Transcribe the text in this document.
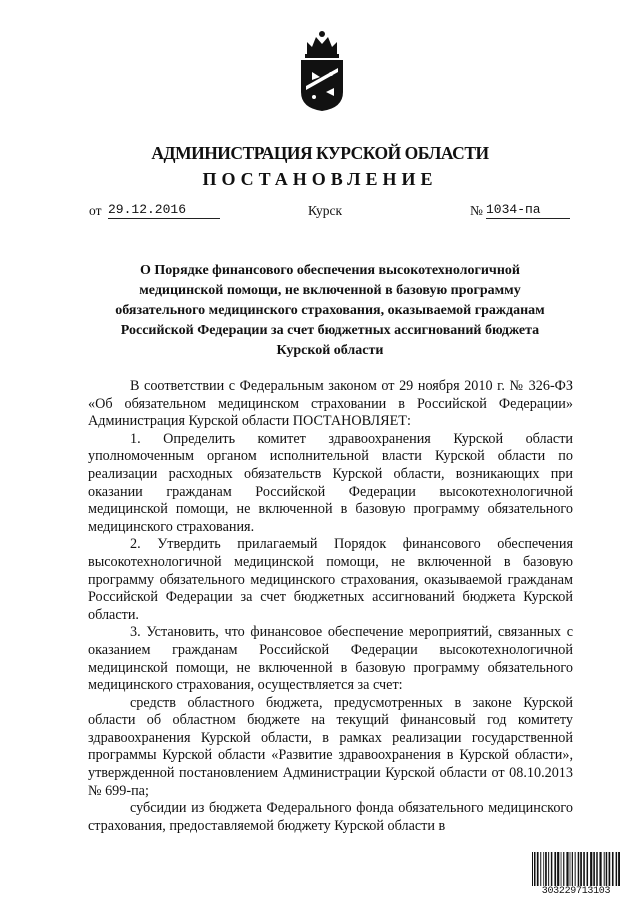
АДМИНИСТРАЦИЯ КУРСКОЙ ОБЛАСТИ
ПОСТАНОВЛЕНИЕ
от 29.12.2016	Курск	№ 1034-па
О Порядке финансового обеспечения высокотехнологичной
медицинской помощи, не включенной в базовую программу
обязательного медицинского страхования, оказываемой гражданам
Российской Федерации за счет бюджетных ассигнований бюджета
Курской области

В соответствии с Федеральным законом от 29 ноября 2010 г. № 326-ФЗ «Об обязательном медицинском страховании в Российской Федерации» Администрация Курской области ПОСТАНОВЛЯЕТ:

1. Определить комитет здравоохранения Курской области уполномоченным органом исполнительной власти Курской области по реализации расходных обязательств Курской области, возникающих при оказании гражданам Российской Федерации высокотехнологичной медицинской помощи, не включенной в базовую программу обязательного медицинского страхования.

2. Утвердить прилагаемый Порядок финансового обеспечения высокотехнологичной медицинской помощи, не включенной в базовую программу обязательного медицинского страхования, оказываемой гражданам Российской Федерации за счет бюджетных ассигнований бюджета Курской области.

3. Установить, что финансовое обеспечение мероприятий, связанных с оказанием гражданам Российской Федерации высокотехнологичной медицинской помощи, не включенной в базовую программу обязательного медицинского страхования, осуществляется за счет:

средств областного бюджета, предусмотренных в законе Курской области об областном бюджете на текущий финансовый год комитету здравоохранения Курской области, в рамках реализации государственной программы Курской области «Развитие здравоохранения в Курской области», утвержденной постановлением Администрации Курской области от 08.10.2013 № 699-па;

субсидии из бюджета Федерального фонда обязательного медицинского страхования, предоставляемой бюджету Курской области в

303229713103
